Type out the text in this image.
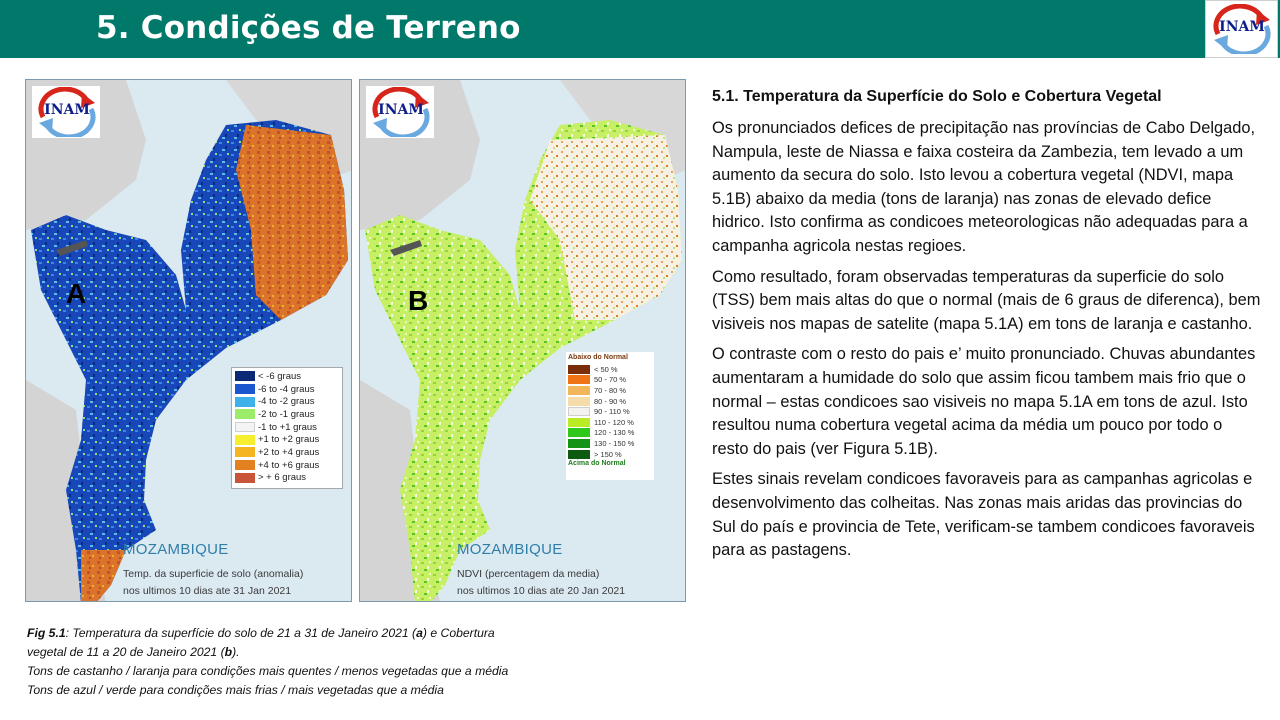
5. Condições de Terreno	INAM
INAM
A
< -6 graus
-6 to -4 graus
-4 to -2 graus
-2 to -1 graus
-1 to +1 graus
+1 to +2 graus
+2 to +4 graus
+4 to +6 graus
> + 6 graus
MOZAMBIQUE
Temp. da superficie de solo (anomalia)
nos ultimos 10 dias ate 31 Jan 2021
INAM
B
Abaixo do Normal
< 50 %
50 - 70 %
70 - 80 %
80 - 90 %
90 - 110 %
110 - 120 %
120 - 130 %
130 - 150 %
> 150 %
Acima do Normal
MOZAMBIQUE
NDVI (percentagem da media)
nos ultimos 10 dias ate 20 Jan 2021
Fig 5.1: Temperatura da superfície do solo de 21 a 31 de Janeiro 2021 (a) e Cobertura
vegetal de 11 a 20 de Janeiro 2021 (b).
Tons de castanho / laranja para condições mais quentes / menos vegetadas que a média
Tons de azul / verde para condições mais frias / mais vegetadas que a média
5.1. Temperatura da Superfície do Solo e Cobertura Vegetal

Os pronunciados defices de precipitação nas províncias de Cabo Delgado, Nampula, leste de Niassa e faixa costeira da Zambezia, tem levado a um aumento da secura do solo. Isto levou a cobertura vegetal (NDVI, mapa 5.1B) abaixo da media (tons de laranja) nas zonas de elevado defice hidrico. Isto confirma as condicoes meteorologicas não adequadas para a campanha agricola nestas regioes.

Como resultado, foram observadas temperaturas da superficie do solo (TSS) bem mais altas do que o normal (mais de 6 graus de diferenca), bem visiveis nos mapas de satelite (mapa 5.1A) em tons de laranja e castanho.

O contraste com o resto do pais e’ muito pronunciado. Chuvas abundantes aumentaram a humidade do solo que assim ficou tambem mais frio que o normal – estas condicoes sao visiveis no mapa 5.1A em tons de azul. Isto resultou numa cobertura vegetal acima da média um pouco por todo o resto do pais (ver Figura 5.1B).

Estes sinais revelam condicoes favoraveis para as campanhas agricolas e desenvolvimento das colheitas. Nas zonas mais aridas das provincias do Sul do país e provincia de Tete, verificam-se tambem condicoes favoraveis para as pastagens.
